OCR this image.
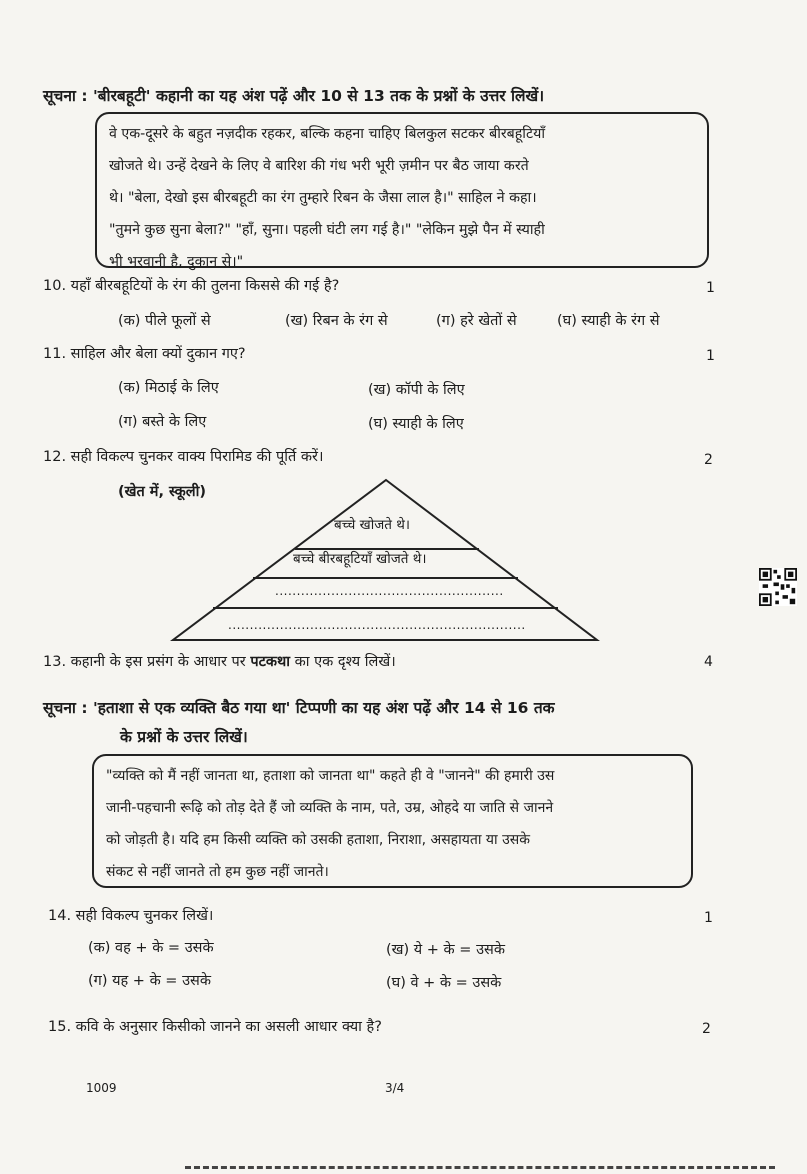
सूचना : 'बीरबहूटी' कहानी का यह अंश पढ़ें और 10 से 13 तक के प्रश्नों के उत्तर लिखें।
वे एक-दूसरे के बहुत नज़दीक रहकर, बल्कि कहना चाहिए बिलकुल सटकर बीरबहूटियाँ
खोजते थे। उन्हें देखने के लिए वे बारिश की गंध भरी भूरी ज़मीन पर बैठ जाया करते
थे। "बेला, देखो इस बीरबहूटी का रंग तुम्हारे रिबन के जैसा लाल है।" साहिल ने कहा।
"तुमने कुछ सुना बेला?" "हाँ, सुना। पहली घंटी लग गई है।" "लेकिन मुझे पैन में स्याही
भी भरवानी है, दुकान से।"
10. यहाँ बीरबहूटियों के रंग की तुलना किससे की गई है?	1
(क) पीले फूलों से	(ख) रिबन के रंग से	(ग) हरे खेतों से	(घ) स्याही के रंग से
11. साहिल और बेला क्यों दुकान गए?	1
(क) मिठाई के लिए	(ख) कॉपी के लिए
(ग) बस्ते के लिए	(घ) स्याही के लिए
12. सही विकल्प चुनकर वाक्य पिरामिड की पूर्ति करें।	2
(खेत में, स्कूली)
बच्चे खोजते थे।
बच्चे बीरबहूटियाँ खोजते थे।
.....................................................
.....................................................................
13. कहानी के इस प्रसंग के आधार पर पटकथा का एक दृश्य लिखें।	4
सूचना : 'हताशा से एक व्यक्ति बैठ गया था' टिप्पणी का यह अंश पढ़ें और 14 से 16 तक
के प्रश्नों के उत्तर लिखें।
"व्यक्ति को मैं नहीं जानता था, हताशा को जानता था" कहते ही वे "जानने" की हमारी उस
जानी-पहचानी रूढ़ि को तोड़ देते हैं जो व्यक्ति के नाम, पते, उम्र, ओहदे या जाति से जानने
को जोड़ती है। यदि हम किसी व्यक्ति को उसकी हताशा, निराशा, असहायता या उसके
संकट से नहीं जानते तो हम कुछ नहीं जानते।
14. सही विकल्प चुनकर लिखें।	1
(क) वह + के = उसके	(ख) ये + के = उसके
(ग) यह + के = उसके	(घ) वे + के = उसके
15. कवि के अनुसार किसीको जानने का असली आधार क्या है?	2
1009	3/4
